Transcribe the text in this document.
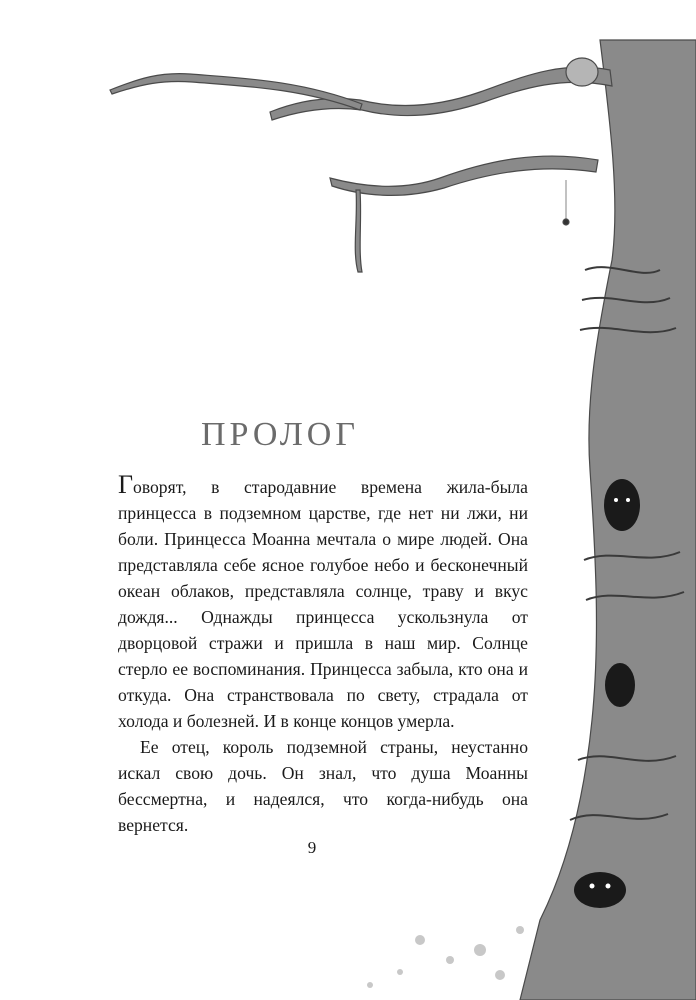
ПРОЛОГ

Говорят, в стародавние времена жила-была принцесса в подземном царстве, где нет ни лжи, ни боли. Принцесса Моанна мечтала о мире людей. Она представляла себе ясное голубое небо и бесконечный океан облаков, представляла солнце, траву и вкус дождя... Однажды принцесса ускользнула от дворцовой стражи и пришла в наш мир. Солнце стерло ее воспоминания. Принцесса забыла, кто она и откуда. Она странствовала по свету, страдала от холода и болезней. И в конце концов умерла.

Ее отец, король подземной страны, неустанно искал свою дочь. Он знал, что душа Моанны бессмертна, и надеялся, что когда-нибудь она вернется.

9
